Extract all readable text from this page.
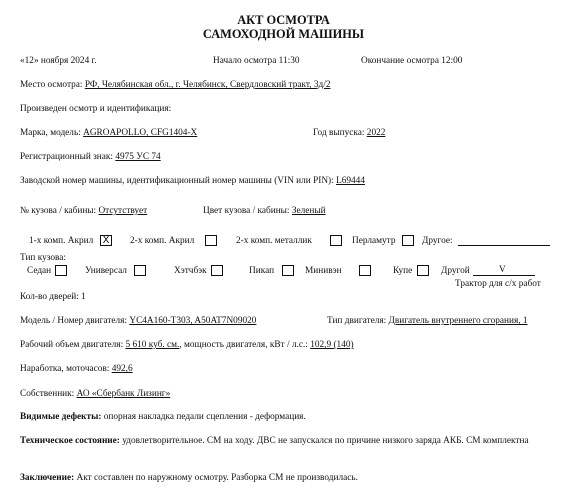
АКТ ОСМОТРА
САМОХОДНОЙ МАШИНЫ
«12» ноября 2024 г.	Начало осмотра 11:30	Окончание осмотра 12:00
Место осмотра: РФ, Челябинская обл., г. Челябинск, Свердловский тракт, 3д/2
Произведен осмотр и идентификация:
Марка, модель: AGROAPOLLO, CFG1404-X	Год выпуска: 2022
Регистрационный знак: 4975 УС 74
Заводской номер машины, идентификационный номер машины (VIN или PIN): L69444
№ кузова / кабины: Отсутствует	Цвет кузова / кабины: Зеленый
1-х комп. Акрил X 2-х комп. Акрил	2-х комп. металлик	Перламутр	Другое:
Тип кузова:
Седан	Универсал	Хэтчбэк	Пикап	Минивэн	Купе	Другой	V
Трактор для с/х работ
Кол-во дверей: 1
Модель / Номер двигателя: YC4A160-T303, A50AT7N09020	Тип двигателя: Двигатель внутреннего сгорания, 1
Рабочий объем двигателя: 5 610 куб. см., мощность двигателя, кВт / л.с.: 102,9 (140)
Наработка, моточасов: 492,6
Собственник: АО «Сбербанк Лизинг»
Видимые дефекты: опорная накладка педали сцепления - деформация.
Техническое состояние: удовлетворительное. СМ на ходу. ДВС не запускался по причине низкого заряда АКБ. СМ комплектна
Заключение: Акт составлен по наружному осмотру. Разборка СМ не производилась.
